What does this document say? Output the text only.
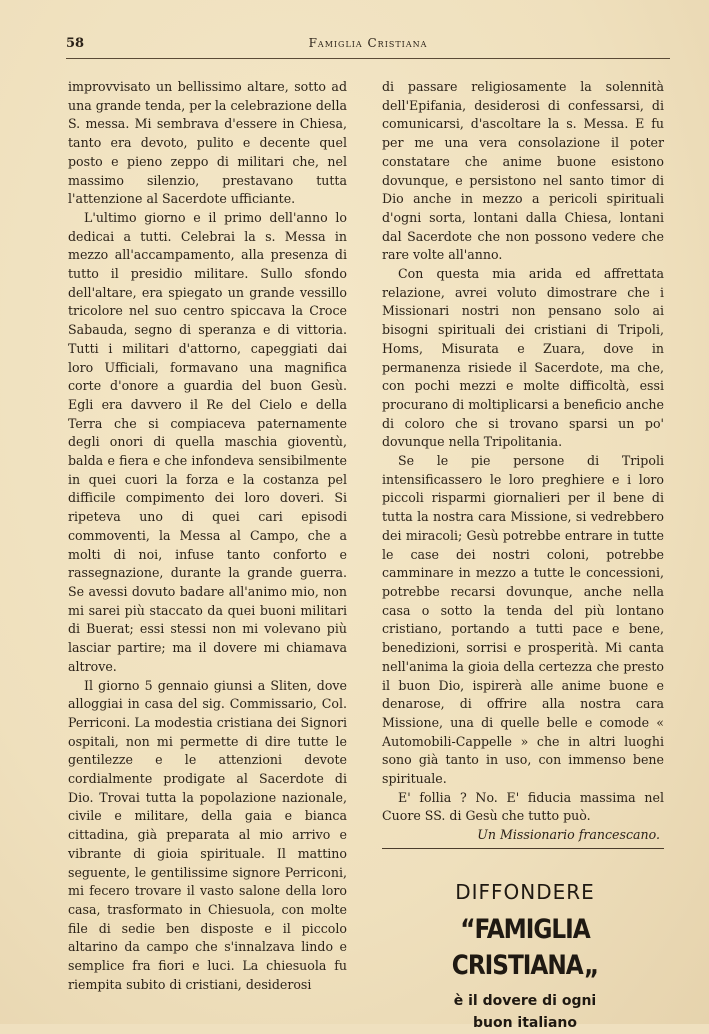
58	Famiglia Cristiana

improvvisato un bellissimo altare, sotto ad una grande tenda, per la celebrazione della S. messa. Mi sembrava d'essere in Chiesa, tanto era devoto, pulito e decente quel posto e pieno zeppo di militari che, nel massimo silenzio, prestavano tutta l'attenzione al Sacerdote ufficiante.

L'ultimo giorno e il primo dell'anno lo dedicai a tutti. Celebrai la s. Messa in mezzo all'accampamento, alla presenza di tutto il presidio militare. Sullo sfondo dell'altare, era spiegato un grande vessillo tricolore nel suo centro spiccava la Croce Sabauda, segno di speranza e di vittoria. Tutti i militari d'attorno, capeggiati dai loro Ufficiali, formavano una magnifica corte d'onore a guardia del buon Gesù. Egli era davvero il Re del Cielo e della Terra che si compiaceva paternamente degli onori di quella maschia gioventù, balda e fiera e che infondeva sensibilmente in quei cuori la forza e la costanza pel difficile compimento dei loro doveri. Si ripeteva uno di quei cari episodi commoventi, la Messa al Campo, che a molti di noi, infuse tanto conforto e rassegnazione, durante la grande guerra. Se avessi dovuto badare all'animo mio, non mi sarei più staccato da quei buoni militari di Buerat; essi stessi non mi volevano più lasciar partire; ma il dovere mi chiamava altrove.

Il giorno 5 gennaio giunsi a Sliten, dove alloggiai in casa del sig. Commissario, Col. Perriconi. La modestia cristiana dei Signori ospitali, non mi permette di dire tutte le gentilezze e le attenzioni devote cordialmente prodigate al Sacerdote di Dio. Trovai tutta la popolazione nazionale, civile e militare, della gaia e bianca cittadina, già preparata al mio arrivo e vibrante di gioia spirituale. Il mattino seguente, le gentilissime signore Perriconi, mi fecero trovare il vasto salone della loro casa, trasformato in Chiesuola, con molte file di sedie ben disposte e il piccolo altarino da campo che s'innalzava lindo e semplice fra fiori e luci. La chiesuola fu riempita subito di cristiani, desiderosi

di passare religiosamente la solennità dell'Epifania, desiderosi di confessarsi, di comunicarsi, d'ascoltare la s. Messa. E fu per me una vera consolazione il poter constatare che anime buone esistono dovunque, e persistono nel santo timor di Dio anche in mezzo a pericoli spirituali d'ogni sorta, lontani dalla Chiesa, lontani dal Sacerdote che non possono vedere che rare volte all'anno.

Con questa mia arida ed affrettata relazione, avrei voluto dimostrare che i Missionari nostri non pensano solo ai bisogni spirituali dei cristiani di Tripoli, Homs, Misurata e Zuara, dove in permanenza risiede il Sacerdote, ma che, con pochi mezzi e molte difficoltà, essi procurano di moltiplicarsi a beneficio anche di coloro che si trovano sparsi un po' dovunque nella Tripolitania.

Se le pie persone di Tripoli intensificassero le loro preghiere e i loro piccoli risparmi giornalieri per il bene di tutta la nostra cara Missione, si vedrebbero dei miracoli; Gesù potrebbe entrare in tutte le case dei nostri coloni, potrebbe camminare in mezzo a tutte le concessioni, potrebbe recarsi dovunque, anche nella casa o sotto la tenda del più lontano cristiano, portando a tutti pace e bene, benedizioni, sorrisi e prosperità. Mi canta nell'anima la gioia della certezza che presto il buon Dio, ispirerà alle anime buone e denarose, di offrire alla nostra cara Missione, una di quelle belle e comode « Automobili-Cappelle » che in altri luoghi sono già tanto in uso, con immenso bene spirituale.

E' follia ? No. E' fiducia massima nel Cuore SS. di Gesù che tutto può.

Un Missionario francescano.

DIFFONDERE
“FAMIGLIA CRISTIANA„
è il dovere di ogni
buon italiano
